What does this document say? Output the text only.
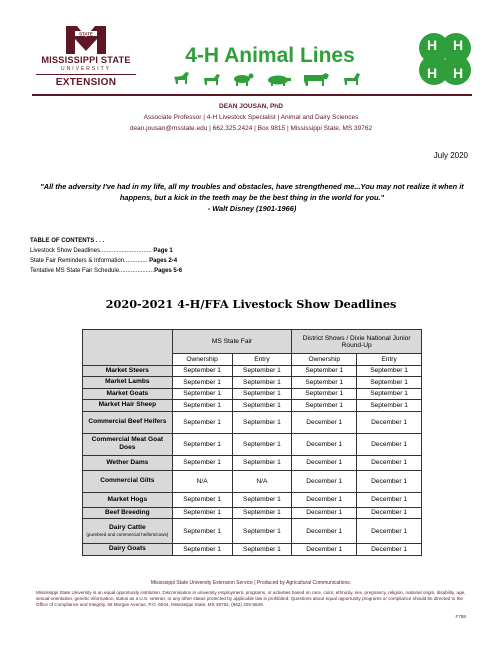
STATE
MISSISSIPPI STATE
UNIVERSITY
EXTENSION
4-H Animal Lines	H H
H H
DEAN JOUSAN, PhD
Associate Professor | 4-H Livestock Specialist | Animal and Dairy Sciences
dean.jousan@msstate.edu | 662.325.2424 | Box 9815 | Mississippi State, MS 39762
July 2020
"All the adversity I've had in my life, all my troubles and obstacles, have strengthened me...You may not realize it when it happens, but a kick in the teeth may be the best thing in the world for you."
- Walt Disney (1901-1966)
TABLE OF CONTENTS . . .
Livestock Show Deadlines............................... Page 1
State Fair Reminders & Information.............. Pages 2-4
Tentative MS State Fair Schedule.....................Pages 5-6
2020-2021 4-H/FFA Livestock Show Deadlines
	MS State Fair		District Shows / Dixie National Junior Round-Up	
	Ownership	Entry	Ownership	Entry
Market Steers	September 1	September 1	September 1	September 1
Market Lambs	September 1	September 1	September 1	September 1
Market Goats	September 1	September 1	September 1	September 1
Market Hair Sheep	September 1	September 1	September 1	September 1
Commercial Beef Heifers	September 1	September 1	December 1	December 1
Commercial Meat Goat Does	September 1	September 1	December 1	December 1
Wether Dams	September 1	September 1	December 1	December 1
Commercial Gilts	N/A	N/A	December 1	December 1
Market Hogs	September 1	September 1	December 1	December 1
Beef Breeding	September 1	September 1	December 1	December 1

Dairy Cattle
(purebred and commercial heifers/cows)	September 1	September 1	December 1	December 1
Dairy Goats	September 1	September 1	December 1	December 1
Mississippi State University Extension Service | Produced by Agricultural Communications.
Mississippi State University is an equal opportunity institution. Discrimination in university employment, programs, or activities based on race, color, ethnicity, sex, pregnancy, religion, national origin, disability, age, sexual orientation, genetic information, status as a U.S. veteran, or any other status protected by applicable law is prohibited. Questions about equal opportunity programs or compliance should be directed to the Office of Compliance and Integrity, 56 Morgan Avenue, P.O. 6044, Mississippi State, MS 39762, (662) 325-5839.
F758
